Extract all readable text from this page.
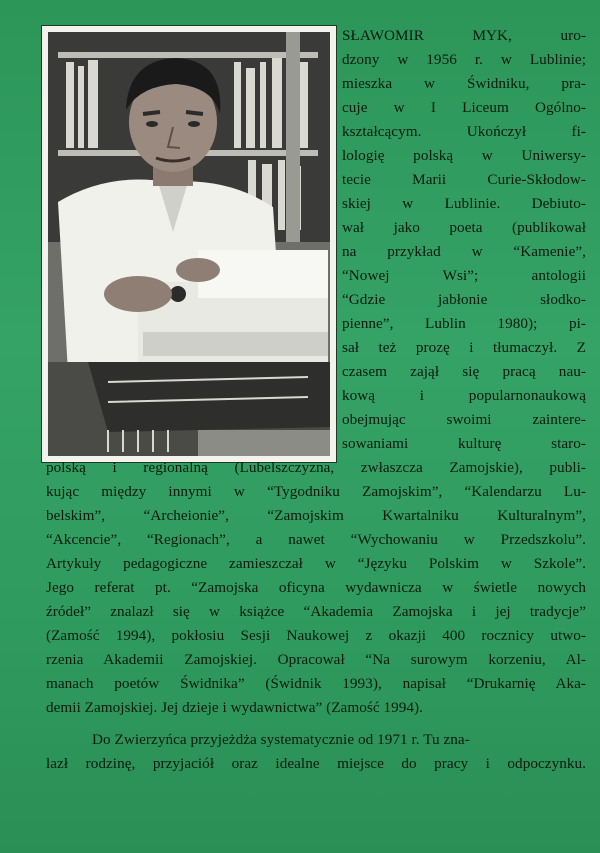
SŁAWOMIR MYK, uro-
dzony w 1956 r. w Lublinie;
mieszka w Świdniku, pra-
cuje w I Liceum Ogólno-
kształcącym. Ukończył fi-
lologię polską w Uniwersy-
tecie Marii Curie-Skłodow-
skiej w Lublinie. Debiuto-
wał jako poeta (publikował
na przykład w “Kamenie”,
“Nowej Wsi”; antologii
“Gdzie jabłonie słodko-
pienne”, Lublin 1980); pi-
sał też prozę i tłumaczył. Z
czasem zajął się pracą nau-
kową i popularnonaukową
obejmując swoimi zaintere-
sowaniami kulturę staro-
polską i regionalną (Lubelszczyzna, zwłaszcza Zamojskie), publi-
kując między innymi w “Tygodniku Zamojskim”, “Kalendarzu Lu-
belskim”, “Archeionie”, “Zamojskim Kwartalniku Kulturalnym”,
“Akcencie”, “Regionach”, a nawet “Wychowaniu w Przedszkolu”.
Artykuły pedagogiczne zamieszczał w “Języku Polskim w Szkole”.
Jego referat pt. “Zamojska oficyna wydawnicza w świetle nowych
źródeł” znalazł się w książce “Akademia Zamojska i jej tradycje”
(Zamość 1994), pokłosiu Sesji Naukowej z okazji 400 rocznicy utwo-
rzenia Akademii Zamojskiej. Opracował “Na surowym korzeniu, Al-
manach poetów Świdnika” (Świdnik 1993), napisał “Drukarnię Aka-
demii Zamojskiej. Jej dzieje i wydawnictwa” (Zamość 1994).
Do Zwierzyńca przyjeżdża systematycznie od 1971 r. Tu zna-
lazł rodzinę, przyjaciół oraz idealne miejsce do pracy i odpoczynku.
